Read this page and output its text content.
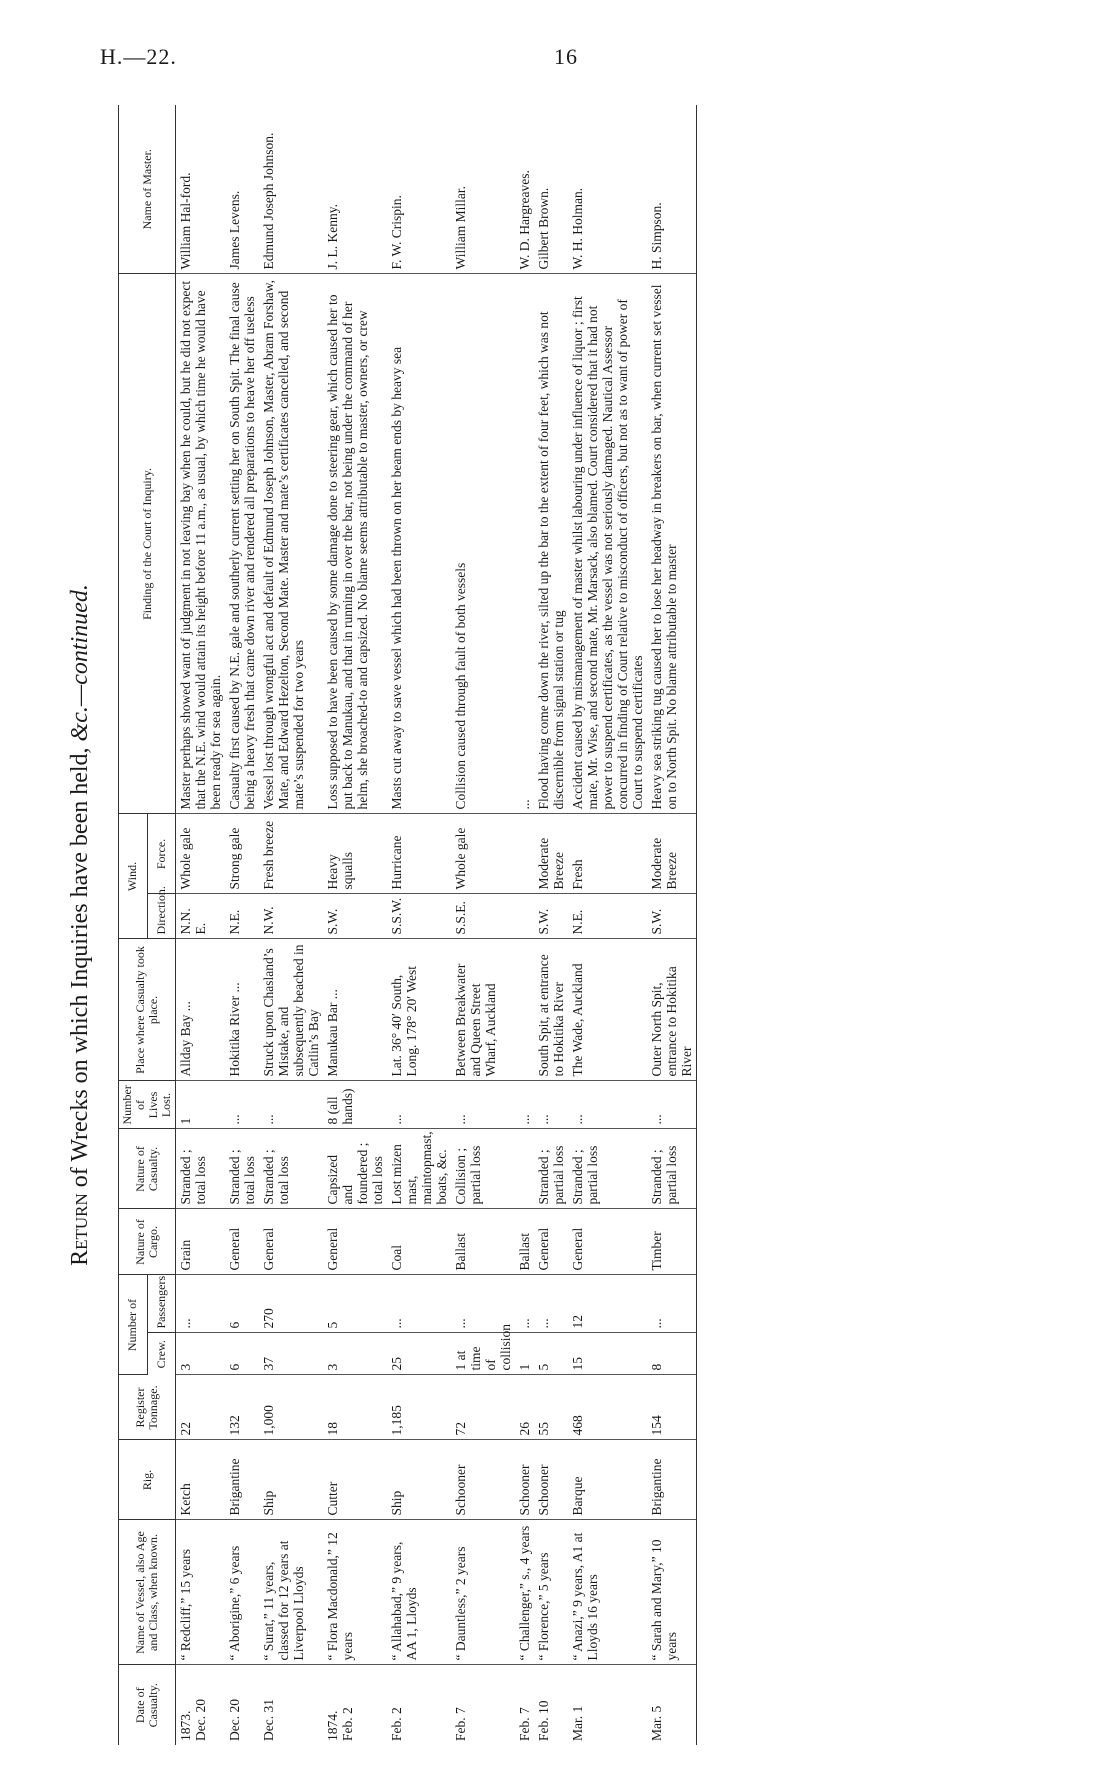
H.—22.	16
Return of Wrecks on which Inquiries have been held, &c.—continued.
Date of Casualty.	Name of Vessel, also Age and Class, when known.	Rig.	Register Tonnage.	Number of		Nature of Cargo.	Nature of Casualty.	Number of Lives Lost.	Place where Casualty took place.	Wind.		Finding of the Court of Inquiry.	Name of Master.
				Crew.	Passengers					Direction.	Force.		

1873. Dec. 20	“ Redcliff,” 15 years	Ketch	22	3	...	Grain	Stranded ; total loss	1	Allday Bay ...	N.N. E.	Whole gale	Master perhaps showed want of judgment in not leaving bay when he could, but he did not expect that the N.E. wind would attain its height before 11 a.m., as usual, by which time he would have been ready for sea again.	William Hal-ford.

Dec. 20	“ Aborigine,” 6 years	Brigantine	132	6	6	General	Stranded ; total loss	...	Hokitika River ...	N.E.	Strong gale	Casualty first caused by N.E. gale and southerly current setting her on South Spit. The final cause being a heavy fresh that came down river and rendered all preparations to heave her off useless	James Levens.

Dec. 31	“ Surat,” 11 years, classed for 12 years at Liverpool Lloyds	Ship	1,000	37	270	General	Stranded ; total loss	...	Struck upon Chasland’s Mistake, and subsequently beached in Catlin’s Bay	N.W.	Fresh breeze	Vessel lost through wrongful act and default of Edmund Joseph Johnson, Master, Abram Forshaw, Mate, and Edward Hezelton, Second Mate. Master and mate’s certificates cancelled, and second mate’s suspended for two years	Edmund Joseph Johnson.

1874. Feb. 2	“ Flora Macdonald,” 12 years	Cutter	18	3	5	General	Capsized and foundered ; total loss	8 (all hands)	Manukau Bar ...	S.W.	Heavy squalls	Loss supposed to have been caused by some damage done to steering gear, which caused her to put back to Manukau, and that in running in over the bar, not being under the command of her helm, she broached-to and capsized. No blame seems attributable to master, owners, or crew	J. L. Kenny.

Feb. 2	“ Allahabad,” 9 years, AA 1, Lloyds	Ship	1,185	25	...	Coal	Lost mizen mast, maintopmast, boats, &c.	...	Lat. 36° 40′ South, Long. 178° 20′ West	S.S.W.	Hurricane	Masts cut away to save vessel which had been thrown on her beam ends by heavy sea	F. W. Crispin.

Feb. 7	“ Dauntless,” 2 years	Schooner	72	1 at time of collision	...	Ballast	Collision ; partial loss	...	Between Breakwater and Queen Street Wharf, Auckland	S.S.E.	Whole gale	Collision caused through fault of both vessels	William Millar.

Feb. 7	“ Challenger,” s., 4 years	Schooner	26	1	...	Ballast		...				...	W. D. Hargreaves.

Feb. 10	“ Florence,” 5 years	Schooner	55	5	...	General	Stranded ; partial loss	...	South Spit, at entrance to Hokitika River	S.W.	Moderate Breeze	Flood having come down the river, silted up the bar to the extent of four feet, which was not discernible from signal station or tug	Gilbert Brown.

Mar. 1	“ Anazi,” 9 years, A1 at Lloyds 16 years	Barque	468	15	12	General	Stranded ; partial loss	...	The Wade, Auckland	N.E.	Fresh	Accident caused by mismanagement of master whilst labouring under influence of liquor ; first mate, Mr. Wise, and second mate, Mr. Marsack, also blamed. Court considered that it had not power to suspend certificates, as the vessel was not seriously damaged. Nautical Assessor concurred in finding of Court relative to misconduct of officers, but not as to want of power of Court to suspend certificates	W. H. Holman.

Mar. 5	“ Sarah and Mary,” 10 years	Brigantine	154	8	...	Timber	Stranded ; partial loss	...	Outer North Spit, entrance to Hokitika River	S.W.	Moderate Breeze	Heavy sea striking tug caused her to lose her headway in breakers on bar, when current set vessel on to North Spit. No blame attributable to master	H. Simpson.
